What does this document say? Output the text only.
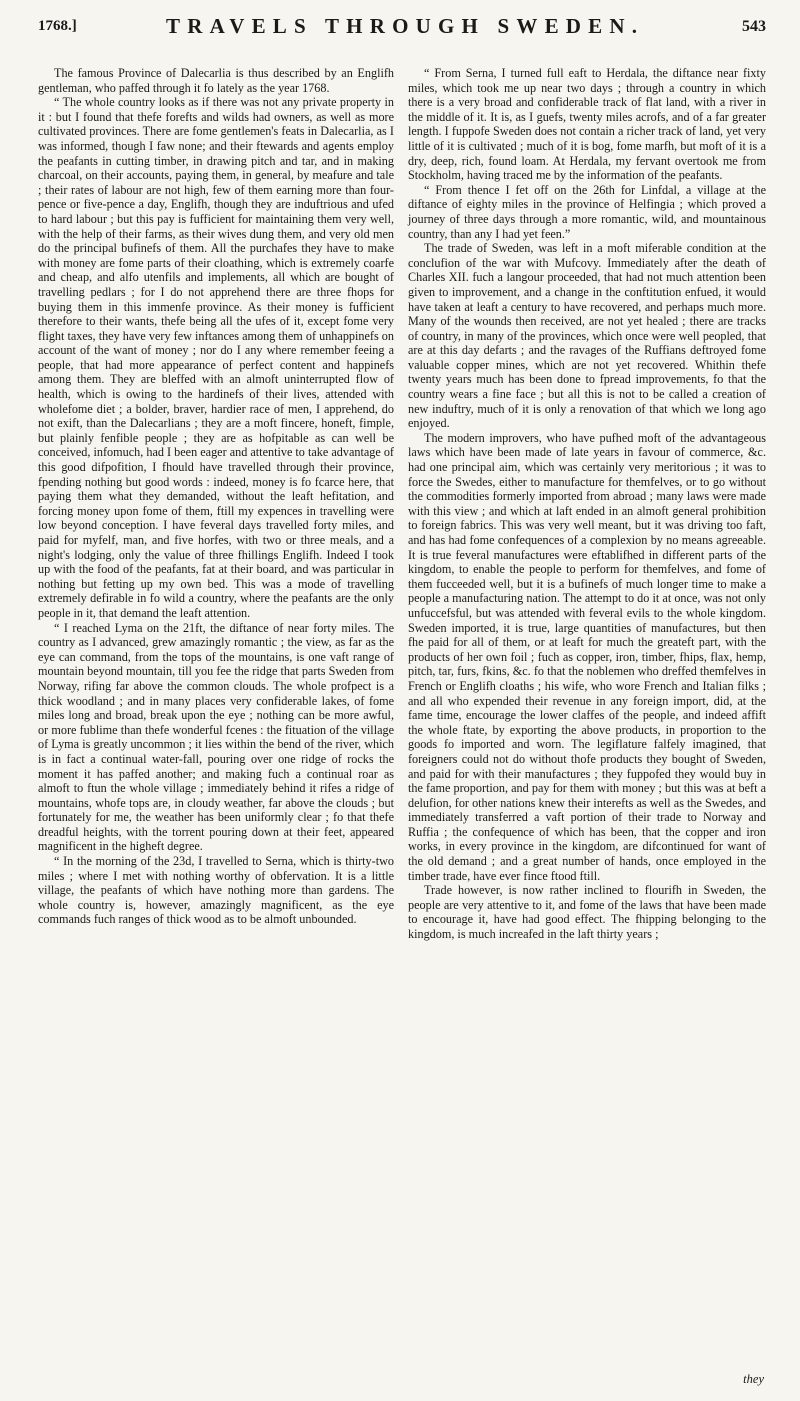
1768.]	TRAVELS THROUGH SWEDEN.	543

The famous Province of Dalecarlia is thus described by an Englifh gentleman, who paffed through it fo lately as the year 1768.

“ The whole country looks as if there was not any private property in it : but I found that thefe forefts and wilds had owners, as well as more cultivated provinces. There are fome gentlemen's feats in Dalecarlia, as I was informed, though I faw none; and their ftewards and agents employ the peafants in cutting timber, in drawing pitch and tar, and in making charcoal, on their accounts, paying them, in general, by meafure and tale ; their rates of labour are not high, few of them earning more than four-pence or five-pence a day, Englifh, though they are induftrious and ufed to hard labour ; but this pay is fufficient for maintaining them very well, with the help of their farms, as their wives dung them, and very old men do the principal bufinefs of them. All the purchafes they have to make with money are fome parts of their cloathing, which is extremely coarfe and cheap, and alfo utenfils and implements, all which are bought of travelling pedlars ; for I do not apprehend there are three fhops for buying them in this immenfe province. As their money is fufficient therefore to their wants, thefe being all the ufes of it, except fome very flight taxes, they have very few inftances among them of unhappinefs on account of the want of money ; nor do I any where remember feeing a people, that had more appearance of perfect content and happinefs among them. They are bleffed with an almoft uninterrupted flow of health, which is owing to the hardinefs of their lives, attended with wholefome diet ; a bolder, braver, hardier race of men, I apprehend, do not exift, than the Dalecarlians ; they are a moft fincere, honeft, fimple, but plainly fenfible people ; they are as hofpitable as can well be conceived, infomuch, had I been eager and attentive to take advantage of this good difpofition, I fhould have travelled through their province, fpending nothing but good words : indeed, money is fo fcarce here, that paying them what they demanded, without the leaft hefitation, and forcing money upon fome of them, ftill my expences in travelling were low beyond conception. I have feveral days travelled forty miles, and paid for myfelf, man, and five horfes, with two or three meals, and a night's lodging, only the value of three fhillings Englifh. Indeed I took up with the food of the peafants, fat at their board, and was particular in nothing but fetting up my own bed. This was a mode of travelling extremely defirable in fo wild a country, where the peafants are the only people in it, that demand the leaft attention.

“ I reached Lyma on the 21ft, the diftance of near forty miles. The country as I advanced, grew amazingly romantic ; the view, as far as the eye can command, from the tops of the mountains, is one vaft range of mountain beyond mountain, till you fee the ridge that parts Sweden from Norway, rifing far above the common clouds. The whole profpect is a thick woodland ; and in many places very confiderable lakes, of fome miles long and broad, break upon the eye ; nothing can be more awful, or more fublime than thefe wonderful fcenes : the fituation of the village of Lyma is greatly uncommon ; it lies within the bend of the river, which is in fact a continual water-fall, pouring over one ridge of rocks the moment it has paffed another; and making fuch a continual roar as almoft to ftun the whole village ; immediately behind it rifes a ridge of mountains, whofe tops are, in cloudy weather, far above the clouds ; but fortunately for me, the weather has been uniformly clear ; fo that thefe dreadful heights, with the torrent pouring down at their feet, appeared magnificent in the higheft degree.

“ In the morning of the 23d, I travelled to Serna, which is thirty-two miles ; where I met with nothing worthy of obfervation. It is a little village, the peafants of which have nothing more than gardens. The whole country is, however, amazingly magnificent, as the eye commands fuch ranges of thick wood as to be almoft unbounded.

“ From Serna, I turned full eaft to Herdala, the diftance near fixty miles, which took me up near two days ; through a country in which there is a very broad and confiderable track of flat land, with a river in the middle of it. It is, as I guefs, twenty miles acrofs, and of a far greater length. I fuppofe Sweden does not contain a richer track of land, yet very little of it is cultivated ; much of it is bog, fome marfh, but moft of it is a dry, deep, rich, found loam. At Herdala, my fervant overtook me from Stockholm, having traced me by the information of the peafants.

“ From thence I fet off on the 26th for Linfdal, a village at the diftance of eighty miles in the province of Helfingia ; which proved a journey of three days through a more romantic, wild, and mountainous country, than any I had yet feen.”

The trade of Sweden, was left in a moft miferable condition at the conclufion of the war with Mufcovy. Immediately after the death of Charles XII. fuch a langour proceeded, that had not much attention been given to improvement, and a change in the conftitution enfued, it would have taken at leaft a century to have recovered, and perhaps much more. Many of the wounds then received, are not yet healed ; there are tracks of country, in many of the provinces, which once were well peopled, that are at this day defarts ; and the ravages of the Ruffians deftroyed fome valuable copper mines, which are not yet recovered. Whithin thefe twenty years much has been done to fpread improvements, fo that the country wears a fine face ; but all this is not to be called a creation of new induftry, much of it is only a renovation of that which we long ago enjoyed.

The modern improvers, who have pufhed moft of the advantageous laws which have been made of late years in favour of commerce, &c. had one principal aim, which was certainly very meritorious ; it was to force the Swedes, either to manufacture for themfelves, or to go without the commodities formerly imported from abroad ; many laws were made with this view ; and which at laft ended in an almoft general prohibition to foreign fabrics. This was very well meant, but it was driving too faft, and has had fome confequences of a complexion by no means agreeable. It is true feveral manufactures were eftablifhed in different parts of the kingdom, to enable the people to perform for themfelves, and fome of them fucceeded well, but it is a bufinefs of much longer time to make a people a manufacturing nation. The attempt to do it at once, was not only unfuccefsful, but was attended with feveral evils to the whole kingdom. Sweden imported, it is true, large quantities of manufactures, but then fhe paid for all of them, or at leaft for much the greateft part, with the products of her own foil ; fuch as copper, iron, timber, fhips, flax, hemp, pitch, tar, furs, fkins, &c. fo that the noblemen who dreffed themfelves in French or Englifh cloaths ; his wife, who wore French and Italian filks ; and all who expended their revenue in any foreign import, did, at the fame time, encourage the lower claffes of the people, and indeed affift the whole ftate, by exporting the above products, in proportion to the goods fo imported and worn. The legiflature falfely imagined, that foreigners could not do without thofe products they bought of Sweden, and paid for with their manufactures ; they fuppofed they would buy in the fame proportion, and pay for them with money ; but this was at beft a delufion, for other nations knew their interefts as well as the Swedes, and immediately transferred a vaft portion of their trade to Norway and Ruffia ; the confequence of which has been, that the copper and iron works, in every province in the kingdom, are difcontinued for want of the old demand ; and a great number of hands, once employed in the timber trade, have ever fince ftood ftill.

Trade however, is now rather inclined to flourifh in Sweden, the people are very attentive to it, and fome of the laws that have been made to encourage it, have had good effect. The fhipping belonging to the kingdom, is much increafed in the laft thirty years ;

they
